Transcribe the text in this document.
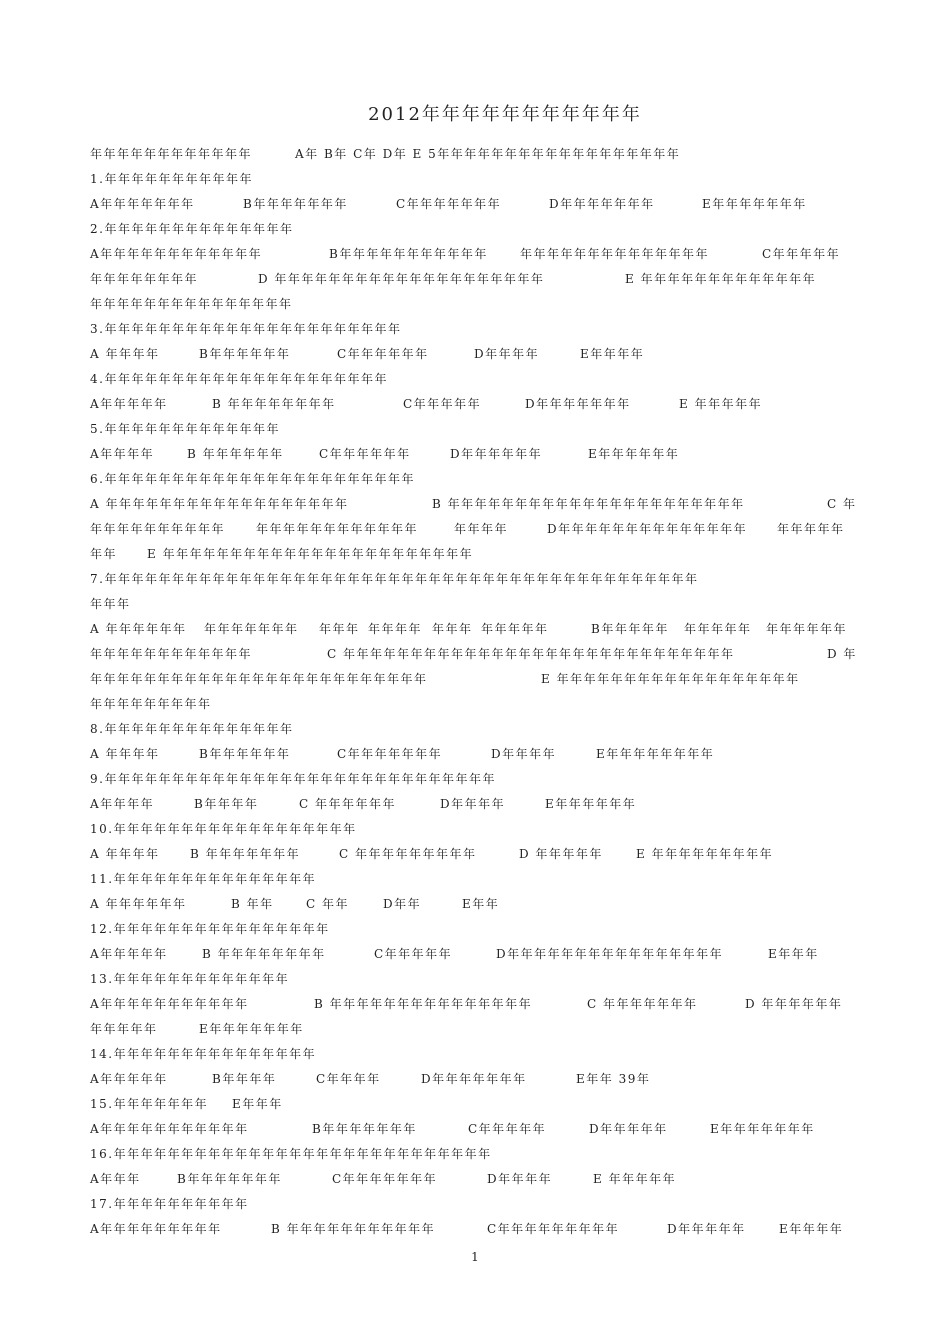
2012年年年年年年年年年年年
年年年年年年年年年年年年	A年 B年 C年 D年 E 5年年年年年年年年年年年年年年年年年年
1.年年年年年年年年年年年
A年年年年年年年	B年年年年年年年	C年年年年年年年	D年年年年年年年	E年年年年年年年
2.年年年年年年年年年年年年年年
A年年年年年年年年年年年年	B年年年年年年年年年年年	年年年年年年年年年年年年年年	C年年年年年
年年年年年年年年	D 年年年年年年年年年年年年年年年年年年年年	E 年年年年年年年年年年年年年
年年年年年年年年年年年年年年年
3.年年年年年年年年年年年年年年年年年年年年年年
A 年年年年	B年年年年年年	C年年年年年年	D年年年年	E年年年年
4.年年年年年年年年年年年年年年年年年年年年年
A年年年年年	B 年年年年年年年年	C年年年年年	D年年年年年年年	E 年年年年年
5.年年年年年年年年年年年年年
A年年年年	B 年年年年年年	C年年年年年年	D年年年年年年	E年年年年年年
6.年年年年年年年年年年年年年年年年年年年年年年年
A 年年年年年年年年年年年年年年年年年年	B 年年年年年年年年年年年年年年年年年年年年年年	C 年
年年年年年年年年年年	年年年年年年年年年年年年	年年年年	D年年年年年年年年年年年年年年 年年年年年
年年 E 年年年年年年年年年年年年年年年年年年年年年年年
7.年年年年年年年年年年年年年年年年年年年年年年年年年年年年年年年年年年年年年年年年年年年年
年年年
A 年年年年年年 年年年年年年年 年年年 年年年年 年年年 年年年年年	B年年年年年 年年年年年 年年年年年年
年年年年年年年年年年年年	C 年年年年年年年年年年年年年年年年年年年年年年年年年年年年年	D 年
年年年年年年年年年年年年年年年年年年年年年年年年年	E 年年年年年年年年年年年年年年年年年年
年年年年年年年年年
8.年年年年年年年年年年年年年年
A 年年年年	B年年年年年年	C年年年年年年年	D年年年年	E年年年年年年年年
9.年年年年年年年年年年年年年年年年年年年年年年年年年年年年年
A年年年年	B年年年年	C 年年年年年年	D年年年年	E年年年年年年
10.年年年年年年年年年年年年年年年年年年
A 年年年年	B 年年年年年年年	C 年年年年年年年年年	D 年年年年年	E 年年年年年年年年年
11.年年年年年年年年年年年年年年年
A 年年年年年年	B 年年	C 年年	D年年	E年年
12.年年年年年年年年年年年年年年年年
A年年年年年	B 年年年年年年年年	C年年年年年	D年年年年年年年年年年年年年年年年	E年年年
13.年年年年年年年年年年年年年
A年年年年年年年年年年年	B 年年年年年年年年年年年年年年年	C 年年年年年年年	D 年年年年年年
年年年年年	E年年年年年年年
14.年年年年年年年年年年年年年年年
A年年年年年	B年年年年	C年年年年	D年年年年年年年	E年年 39年
15.年年年年年年年 E年年年
A年年年年年年年年年年年	B年年年年年年年	C年年年年年	D年年年年年	E年年年年年年年
16.年年年年年年年年年年年年年年年年年年年年年年年年年年年年
A年年年	B年年年年年年年	C年年年年年年年	D年年年年	E 年年年年年
17.年年年年年年年年年年
A年年年年年年年年年	B 年年年年年年年年年年年	C年年年年年年年年年	D年年年年年	E年年年年
1
